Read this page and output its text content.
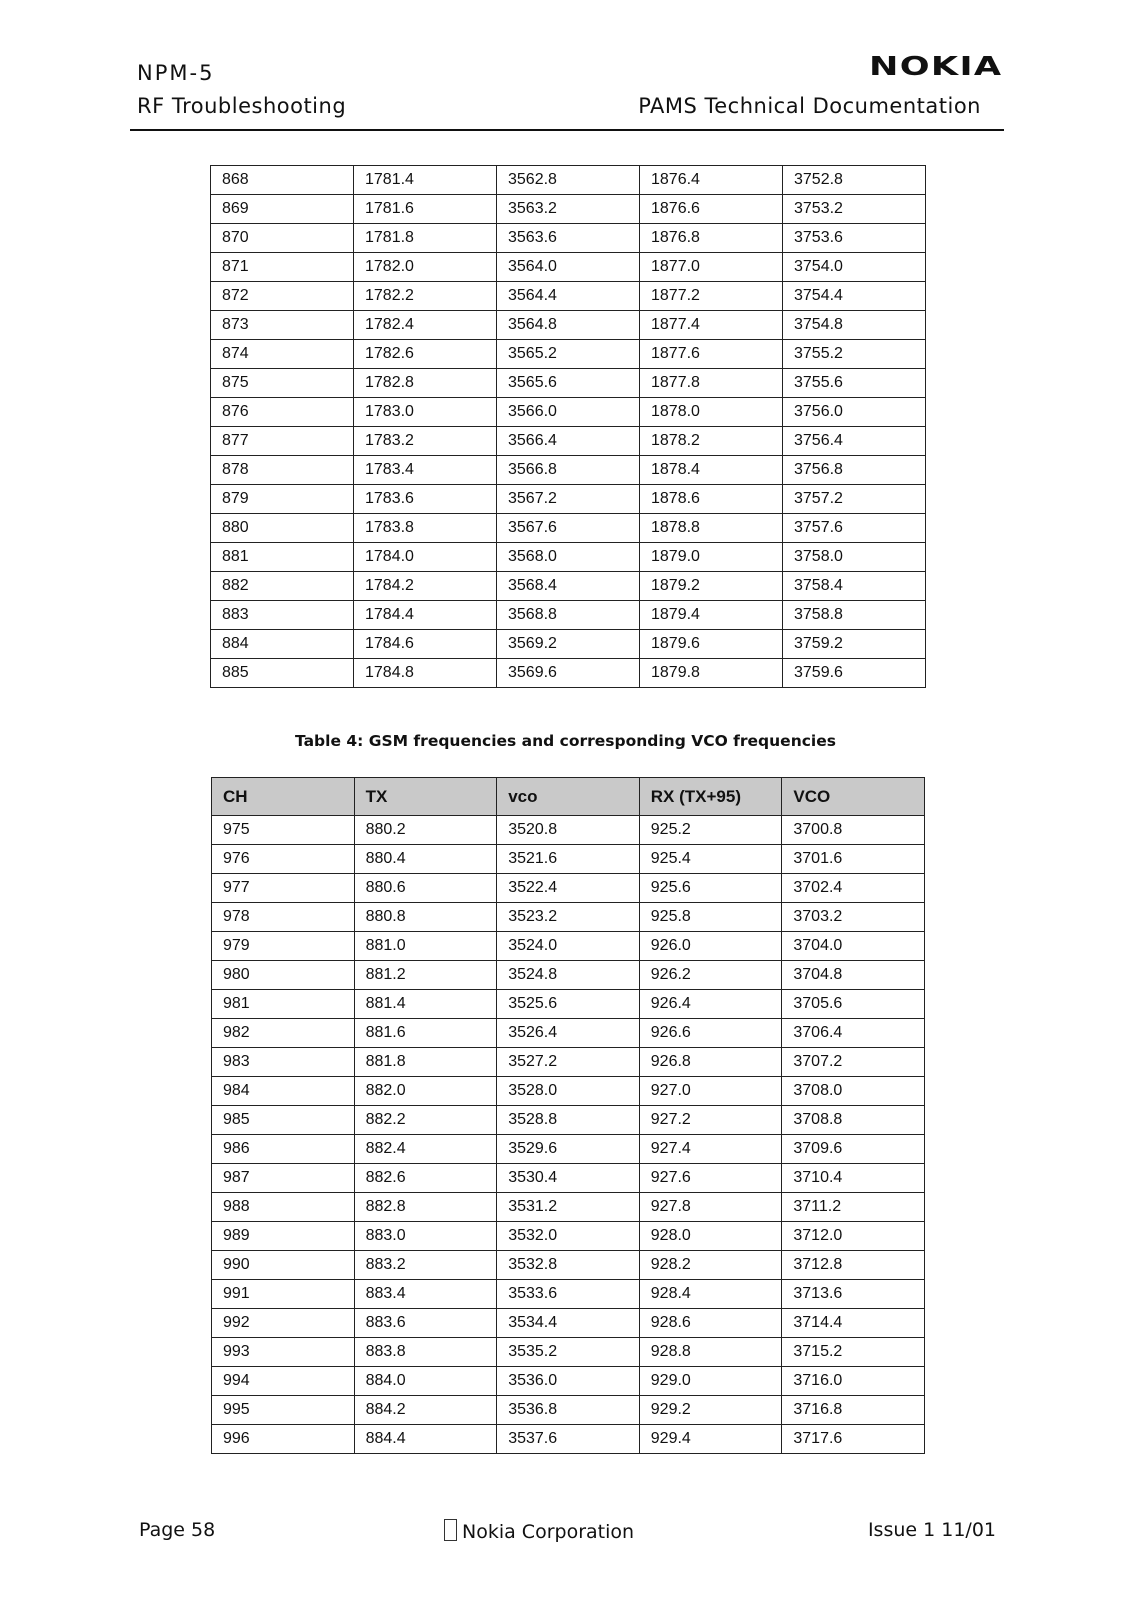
NPM-5
RF Troubleshooting
NOKIA
PAMS Technical Documentation
868	1781.4	3562.8	1876.4	3752.8
869	1781.6	3563.2	1876.6	3753.2
870	1781.8	3563.6	1876.8	3753.6
871	1782.0	3564.0	1877.0	3754.0
872	1782.2	3564.4	1877.2	3754.4
873	1782.4	3564.8	1877.4	3754.8
874	1782.6	3565.2	1877.6	3755.2
875	1782.8	3565.6	1877.8	3755.6
876	1783.0	3566.0	1878.0	3756.0
877	1783.2	3566.4	1878.2	3756.4
878	1783.4	3566.8	1878.4	3756.8
879	1783.6	3567.2	1878.6	3757.2
880	1783.8	3567.6	1878.8	3757.6
881	1784.0	3568.0	1879.0	3758.0
882	1784.2	3568.4	1879.2	3758.4
883	1784.4	3568.8	1879.4	3758.8
884	1784.6	3569.2	1879.6	3759.2
885	1784.8	3569.6	1879.8	3759.6
Table 4: GSM frequencies and corresponding VCO frequencies
CH	TX	vco	RX (TX+95)	VCO
975	880.2	3520.8	925.2	3700.8
976	880.4	3521.6	925.4	3701.6
977	880.6	3522.4	925.6	3702.4
978	880.8	3523.2	925.8	3703.2
979	881.0	3524.0	926.0	3704.0
980	881.2	3524.8	926.2	3704.8
981	881.4	3525.6	926.4	3705.6
982	881.6	3526.4	926.6	3706.4
983	881.8	3527.2	926.8	3707.2
984	882.0	3528.0	927.0	3708.0
985	882.2	3528.8	927.2	3708.8
986	882.4	3529.6	927.4	3709.6
987	882.6	3530.4	927.6	3710.4
988	882.8	3531.2	927.8	3711.2
989	883.0	3532.0	928.0	3712.0
990	883.2	3532.8	928.2	3712.8
991	883.4	3533.6	928.4	3713.6
992	883.6	3534.4	928.6	3714.4
993	883.8	3535.2	928.8	3715.2
994	884.0	3536.0	929.0	3716.0
995	884.2	3536.8	929.2	3716.8
996	884.4	3537.6	929.4	3717.6
Page 58	Nokia Corporation	Issue 1 11/01
